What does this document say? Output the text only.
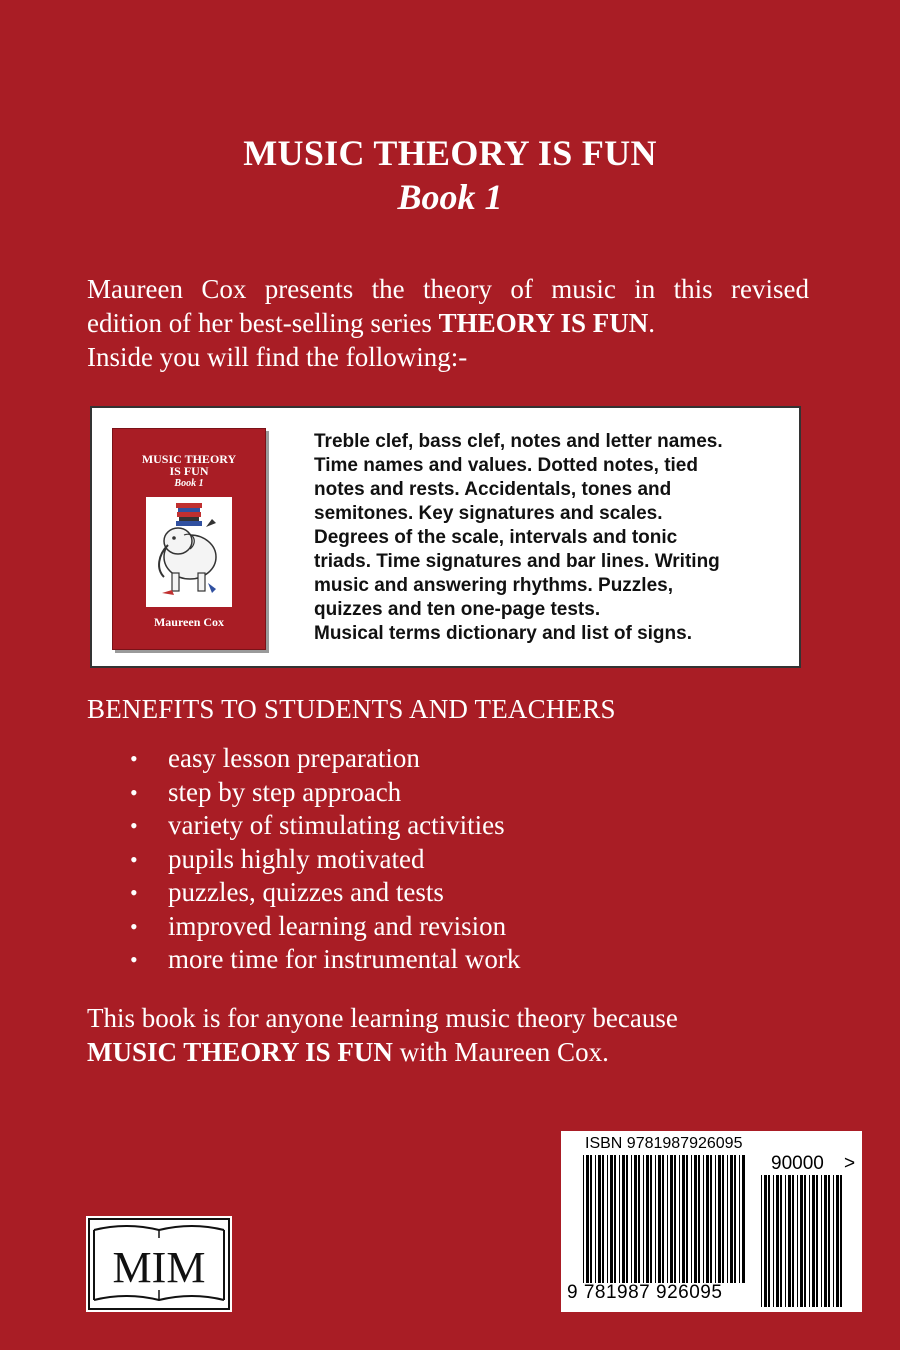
MUSIC THEORY IS FUN
Book 1
Maureen Cox presents the theory of music in this revised
edition of her best-selling series THEORY IS FUN.
Inside you will find the following:-
MUSIC THEORY
IS FUN
Book 1
Maureen Cox
Treble clef, bass clef, notes and letter names.
Time names and values. Dotted notes, tied
notes and rests. Accidentals, tones and
semitones. Key signatures and scales.
Degrees of the scale, intervals and tonic
triads. Time signatures and bar lines. Writing
music and answering rhythms. Puzzles,
quizzes and ten one-page tests.
Musical terms dictionary and list of signs.
BENEFITS TO STUDENTS AND TEACHERS
• easy lesson preparation
• step by step approach
• variety of stimulating activities
• pupils highly motivated
• puzzles, quizzes and tests
• improved learning and revision
• more time for instrumental work
This book is for anyone learning music theory because
MUSIC THEORY IS FUN with Maureen Cox.
MIM
ISBN 9781987926095
90000 >
9 781987 926095
